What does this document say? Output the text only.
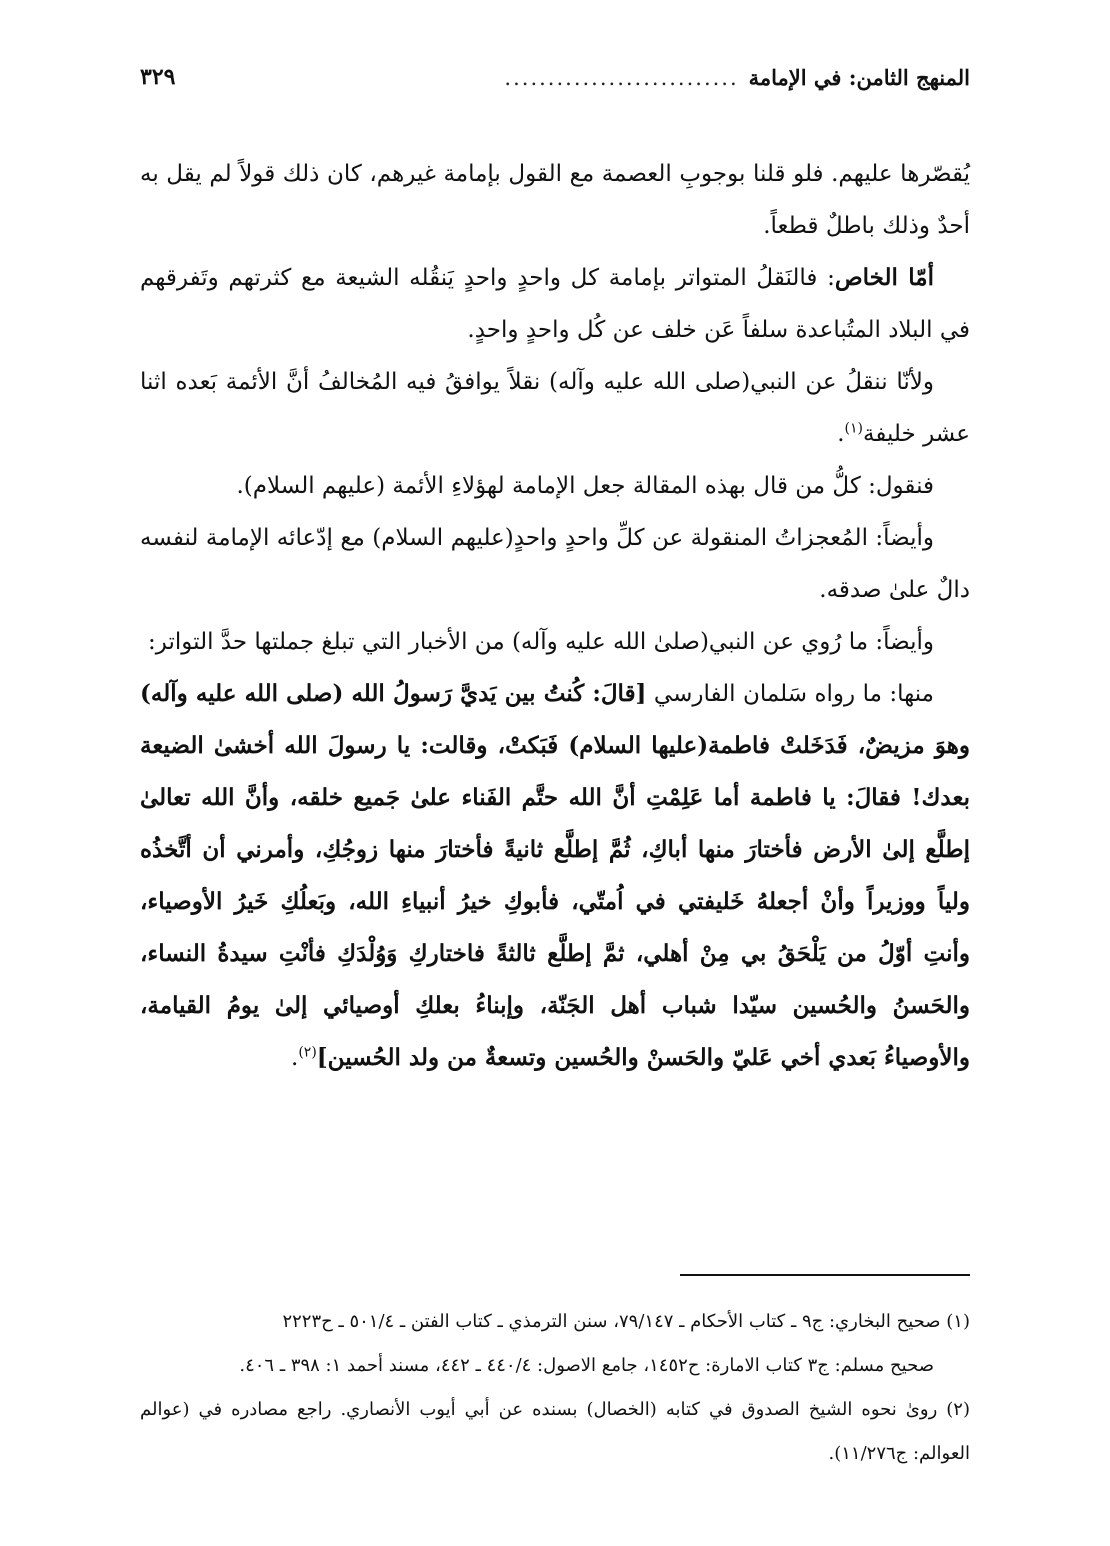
المنهج الثامن: في الإمامة
...........................
٣٢٩

يُقصّرها عليهم. فلو قلنا بوجوبِ العصمة مع القول بإمامة غيرهم، كان ذلك قولاً لم يقل به أحدٌ وذلك باطلٌ قطعاً.

أمّا الخاص: فالنَقلُ المتواتر بإمامة كل واحدٍ واحدٍ يَنقُله الشيعة مع كثرتهم وتَفرقهم في البلاد المتُباعدة سلفاً عَن خلف عن كُل واحدٍ واحدٍ.

ولأنّا ننقلُ عن النبي(صلى الله عليه وآله) نقلاً يوافقُ فيه المُخالفُ أنَّ الأئمة بَعده اثنا عشر خليفة$^{(١)}$.

فنقول: كلُّ من قال بهذه المقالة جعل الإمامة لهؤلاءِ الأئمة (عليهم السلام).

وأيضاً: المُعجزاتُ المنقولة عن كلِّ واحدٍ واحدٍ(عليهم السلام) مع إدّعائه الإمامة لنفسه دالٌ علىٰ صدقه.

وأيضاً: ما رُوي عن النبي(صلىٰ الله عليه وآله) من الأخبار التي تبلغ جملتها حدَّ التواتر:

منها: ما رواه سَلمان الفارسي [قالَ: كُنتُ بين يَديَّ رَسولُ الله (صلى الله عليه وآله) وهوَ مزيضٌ، فَدَخَلتْ فاطمة(عليها السلام) فَبَكتْ، وقالت: يا رسولَ الله أخشىٰ الضيعة بعدك! فقالَ: يا فاطمة أما عَلِمْتِ أنَّ الله حتَّم الفَناء علىٰ جَميع خلقه، وأنَّ الله تعالىٰ إطلَّع إلىٰ الأرض فأختارَ منها أباكِ، ثُمَّ إطلَّع ثانيةً فأختارَ منها زوجُكِ، وأمرني أن أتَّخذُه ولياً ووزيراً وأنْ أجعلهُ خَليفتي في اُمتّي، فأبوكِ خيرُ أنبياءِ الله، وبَعلُكِ خَيرُ الأوصياء، وأنتِ أوّلُ من يَلْحَقُ بي مِنْ أهلي، ثمَّ إطلَّع ثالثةً فاختاركِ وَوُلْدَكِ فأنْتِ سيدةُ النساء، والحَسنُ والحُسين سيّدا شباب أهل الجَنّة، وإبناءُ بعلكِ أوصيائي إلىٰ يومُ القيامة، والأوصياءُ بَعدي أخي عَليّ والحَسنْ والحُسين وتسعةٌ من ولد الحُسين]$^{(٢)}$.

(١) صحيح البخاري: ج٩ ـ كتاب الأحكام ـ ٧٩/١٤٧، سنن الترمذي ـ كتاب الفتن ـ ٥٠١/٤ ـ ح٢٢٢٣

صحيح مسلم: ج٣ كتاب الامارة: ح١٤٥٢، جامع الاصول: ٤٤٠/٤ ـ ٤٤٢، مسند أحمد ١: ٣٩٨ ـ ٤٠٦.

(٢) رویٰ نحوه الشيخ الصدوق في كتابه (الخصال) بسنده عن أبي أيوب الأنصاري. راجع مصادره في (عوالم العوالم: ج١١/٢٧٦).
